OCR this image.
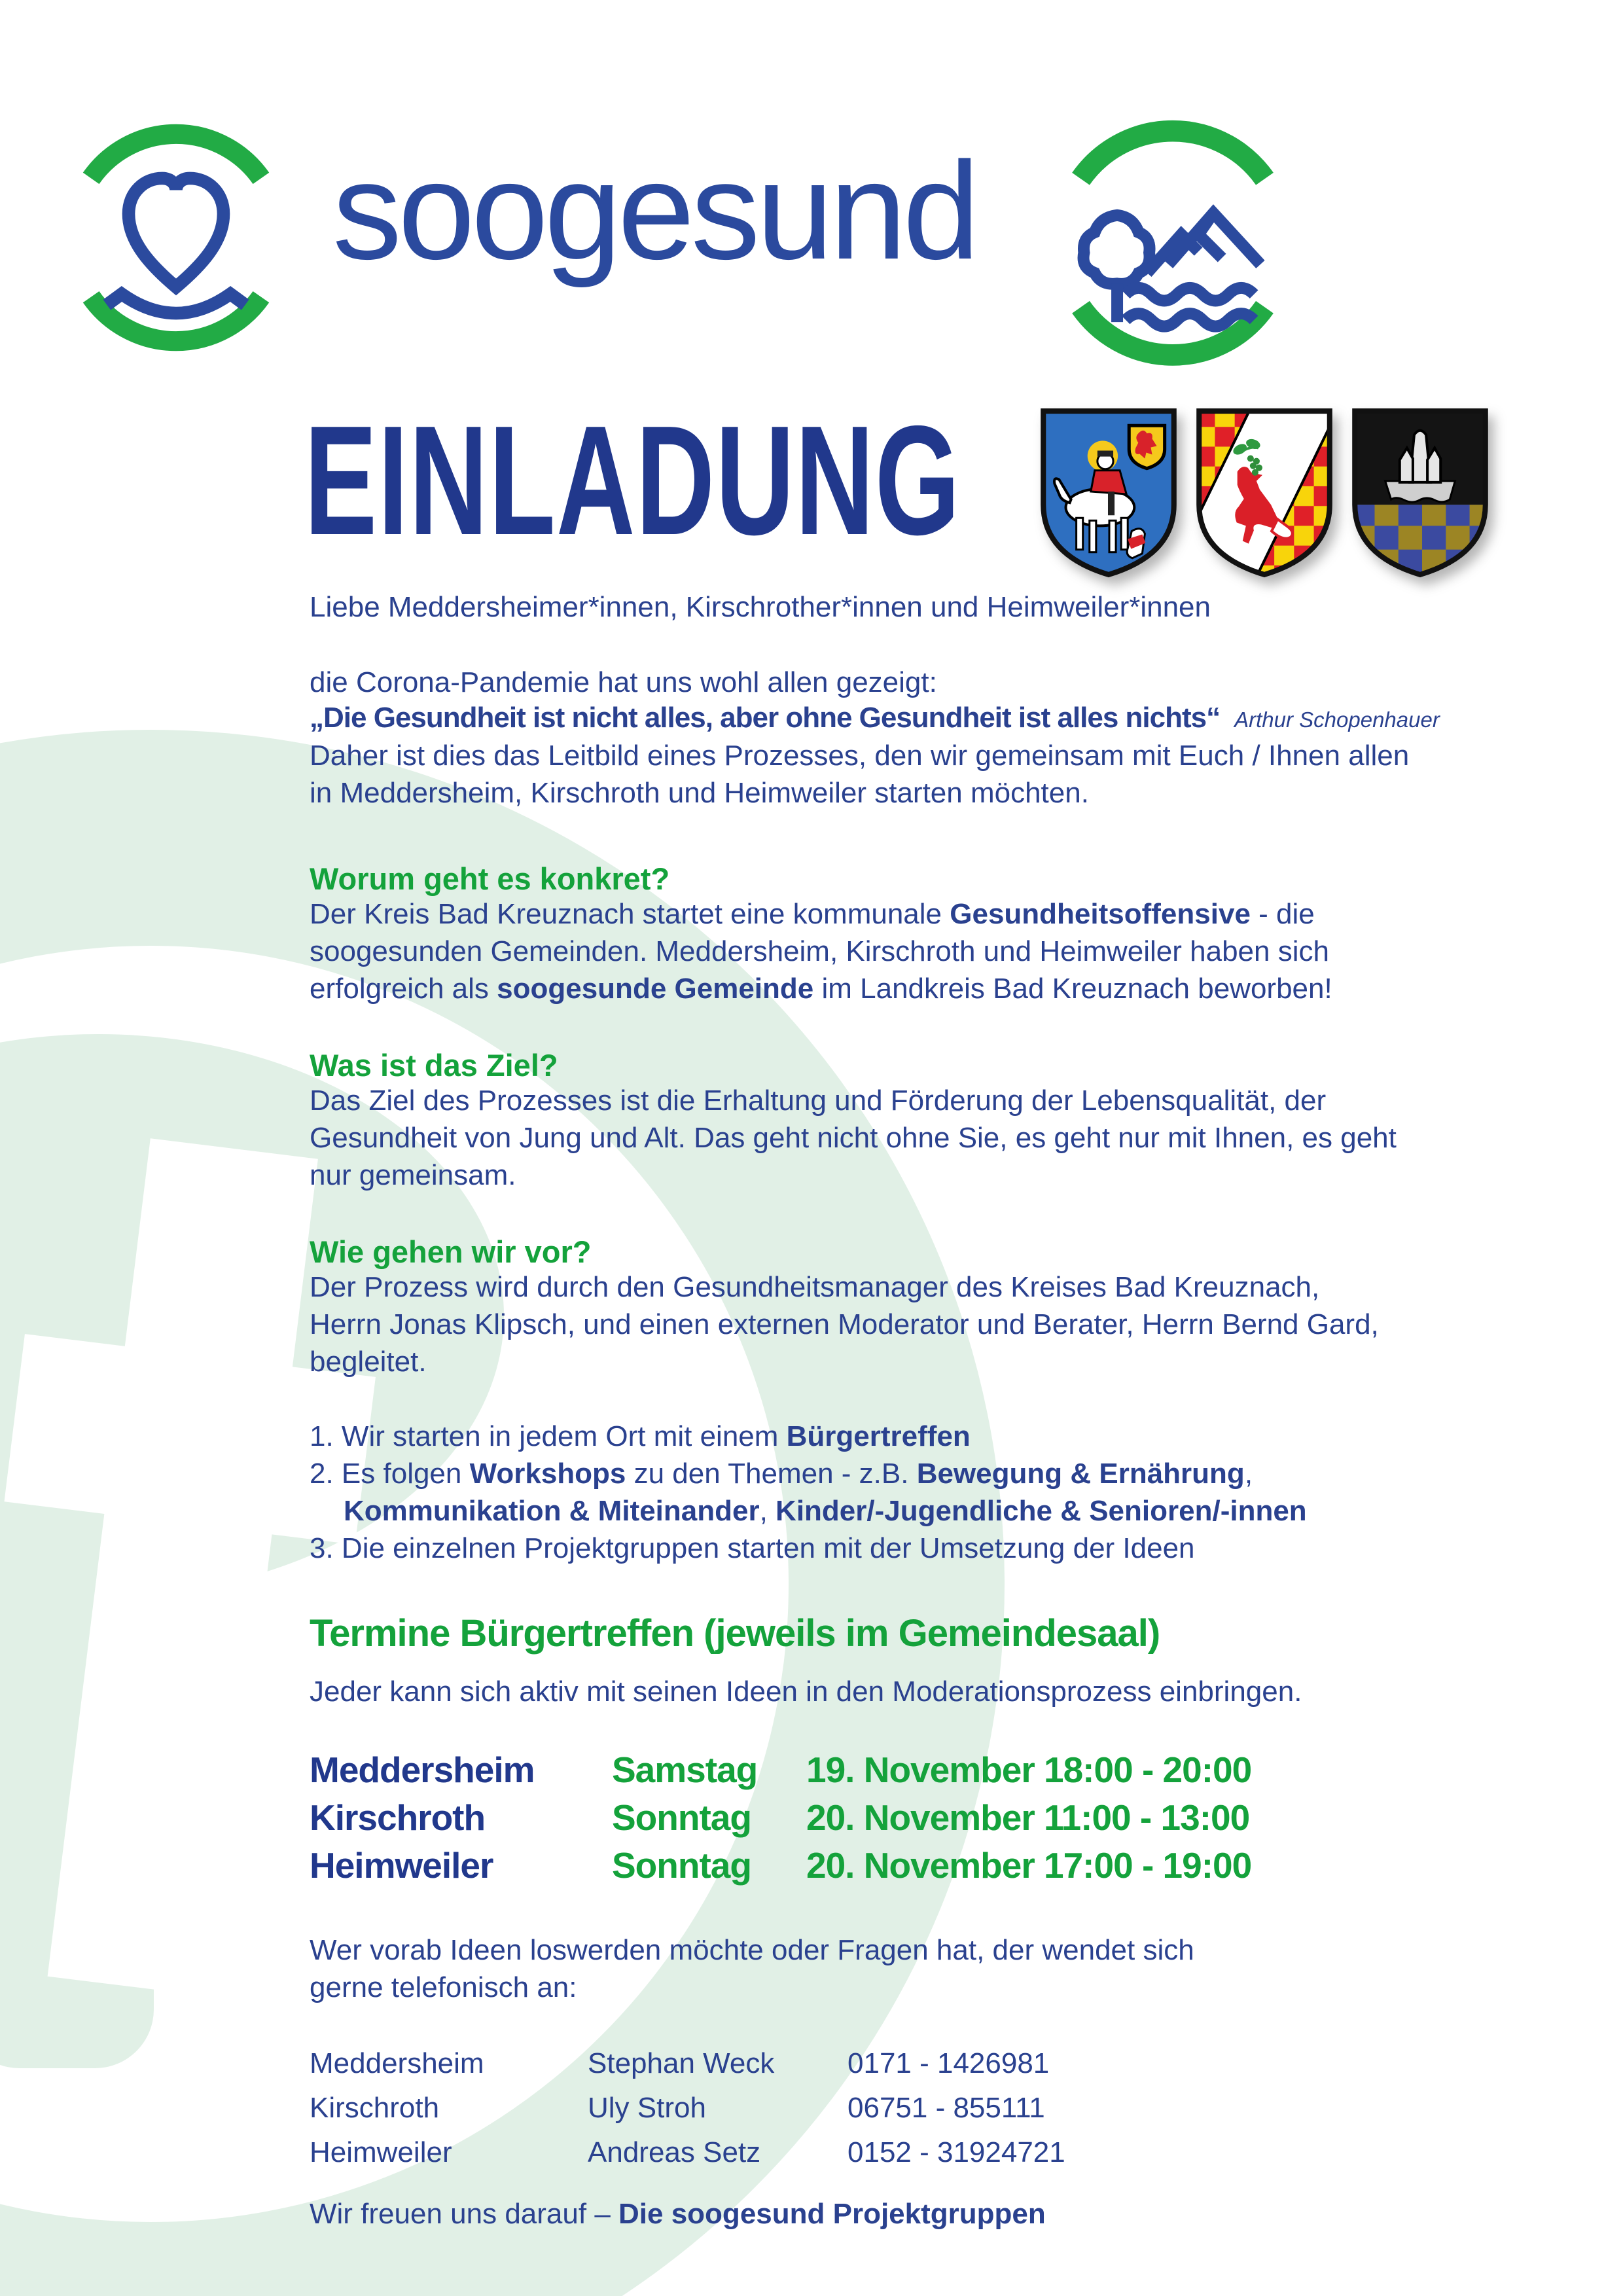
soogesund
EINLADUNG
Liebe Meddersheimer*innen, Kirschrother*innen und Heimweiler*innen
die Corona-Pandemie hat uns wohl allen gezeigt:
„Die Gesundheit ist nicht alles, aber ohne Gesundheit ist alles nichts“ Arthur Schopenhauer
Daher ist dies das Leitbild eines Prozesses, den wir gemeinsam mit Euch / Ihnen allen
in Meddersheim, Kirschroth und Heimweiler starten möchten.
Worum geht es konkret?
Der Kreis Bad Kreuznach startet eine kommunale Gesundheitsoffensive - die
soogesunden Gemeinden. Meddersheim, Kirschroth und Heimweiler haben sich
erfolgreich als soogesunde Gemeinde im Landkreis Bad Kreuznach beworben!
Was ist das Ziel?
Das Ziel des Prozesses ist die Erhaltung und Förderung der Lebensqualität, der
Gesundheit von Jung und Alt. Das geht nicht ohne Sie, es geht nur mit Ihnen, es geht
nur gemeinsam.
Wie gehen wir vor?
Der Prozess wird durch den Gesundheitsmanager des Kreises Bad Kreuznach,
Herrn Jonas Klipsch, und einen externen Moderator und Berater, Herrn Bernd Gard,
begleitet.
1. Wir starten in jedem Ort mit einem Bürgertreffen
2. Es folgen Workshops zu den Themen - z.B. Bewegung & Ernährung,
Kommunikation & Miteinander, Kinder/-Jugendliche & Senioren/-innen
3. Die einzelnen Projektgruppen starten mit der Umsetzung der Ideen
Termine Bürgertreffen (jeweils im Gemeindesaal)
Jeder kann sich aktiv mit seinen Ideen in den Moderationsprozess einbringen.
Meddersheim Samstag 19. November 18:00 - 20:00
Kirschroth	Sonntag 20. November 11:00 - 13:00
Heimweiler	Sonntag 20. November 17:00 - 19:00
Wer vorab Ideen loswerden möchte oder Fragen hat, der wendet sich
gerne telefonisch an:
Meddersheim	Stephan Weck	0171 - 1426981
Kirschroth	Uly Stroh	06751 - 855111
Heimweiler	Andreas Setz	0152 - 31924721
Wir freuen uns darauf – Die soogesund Projektgruppen
